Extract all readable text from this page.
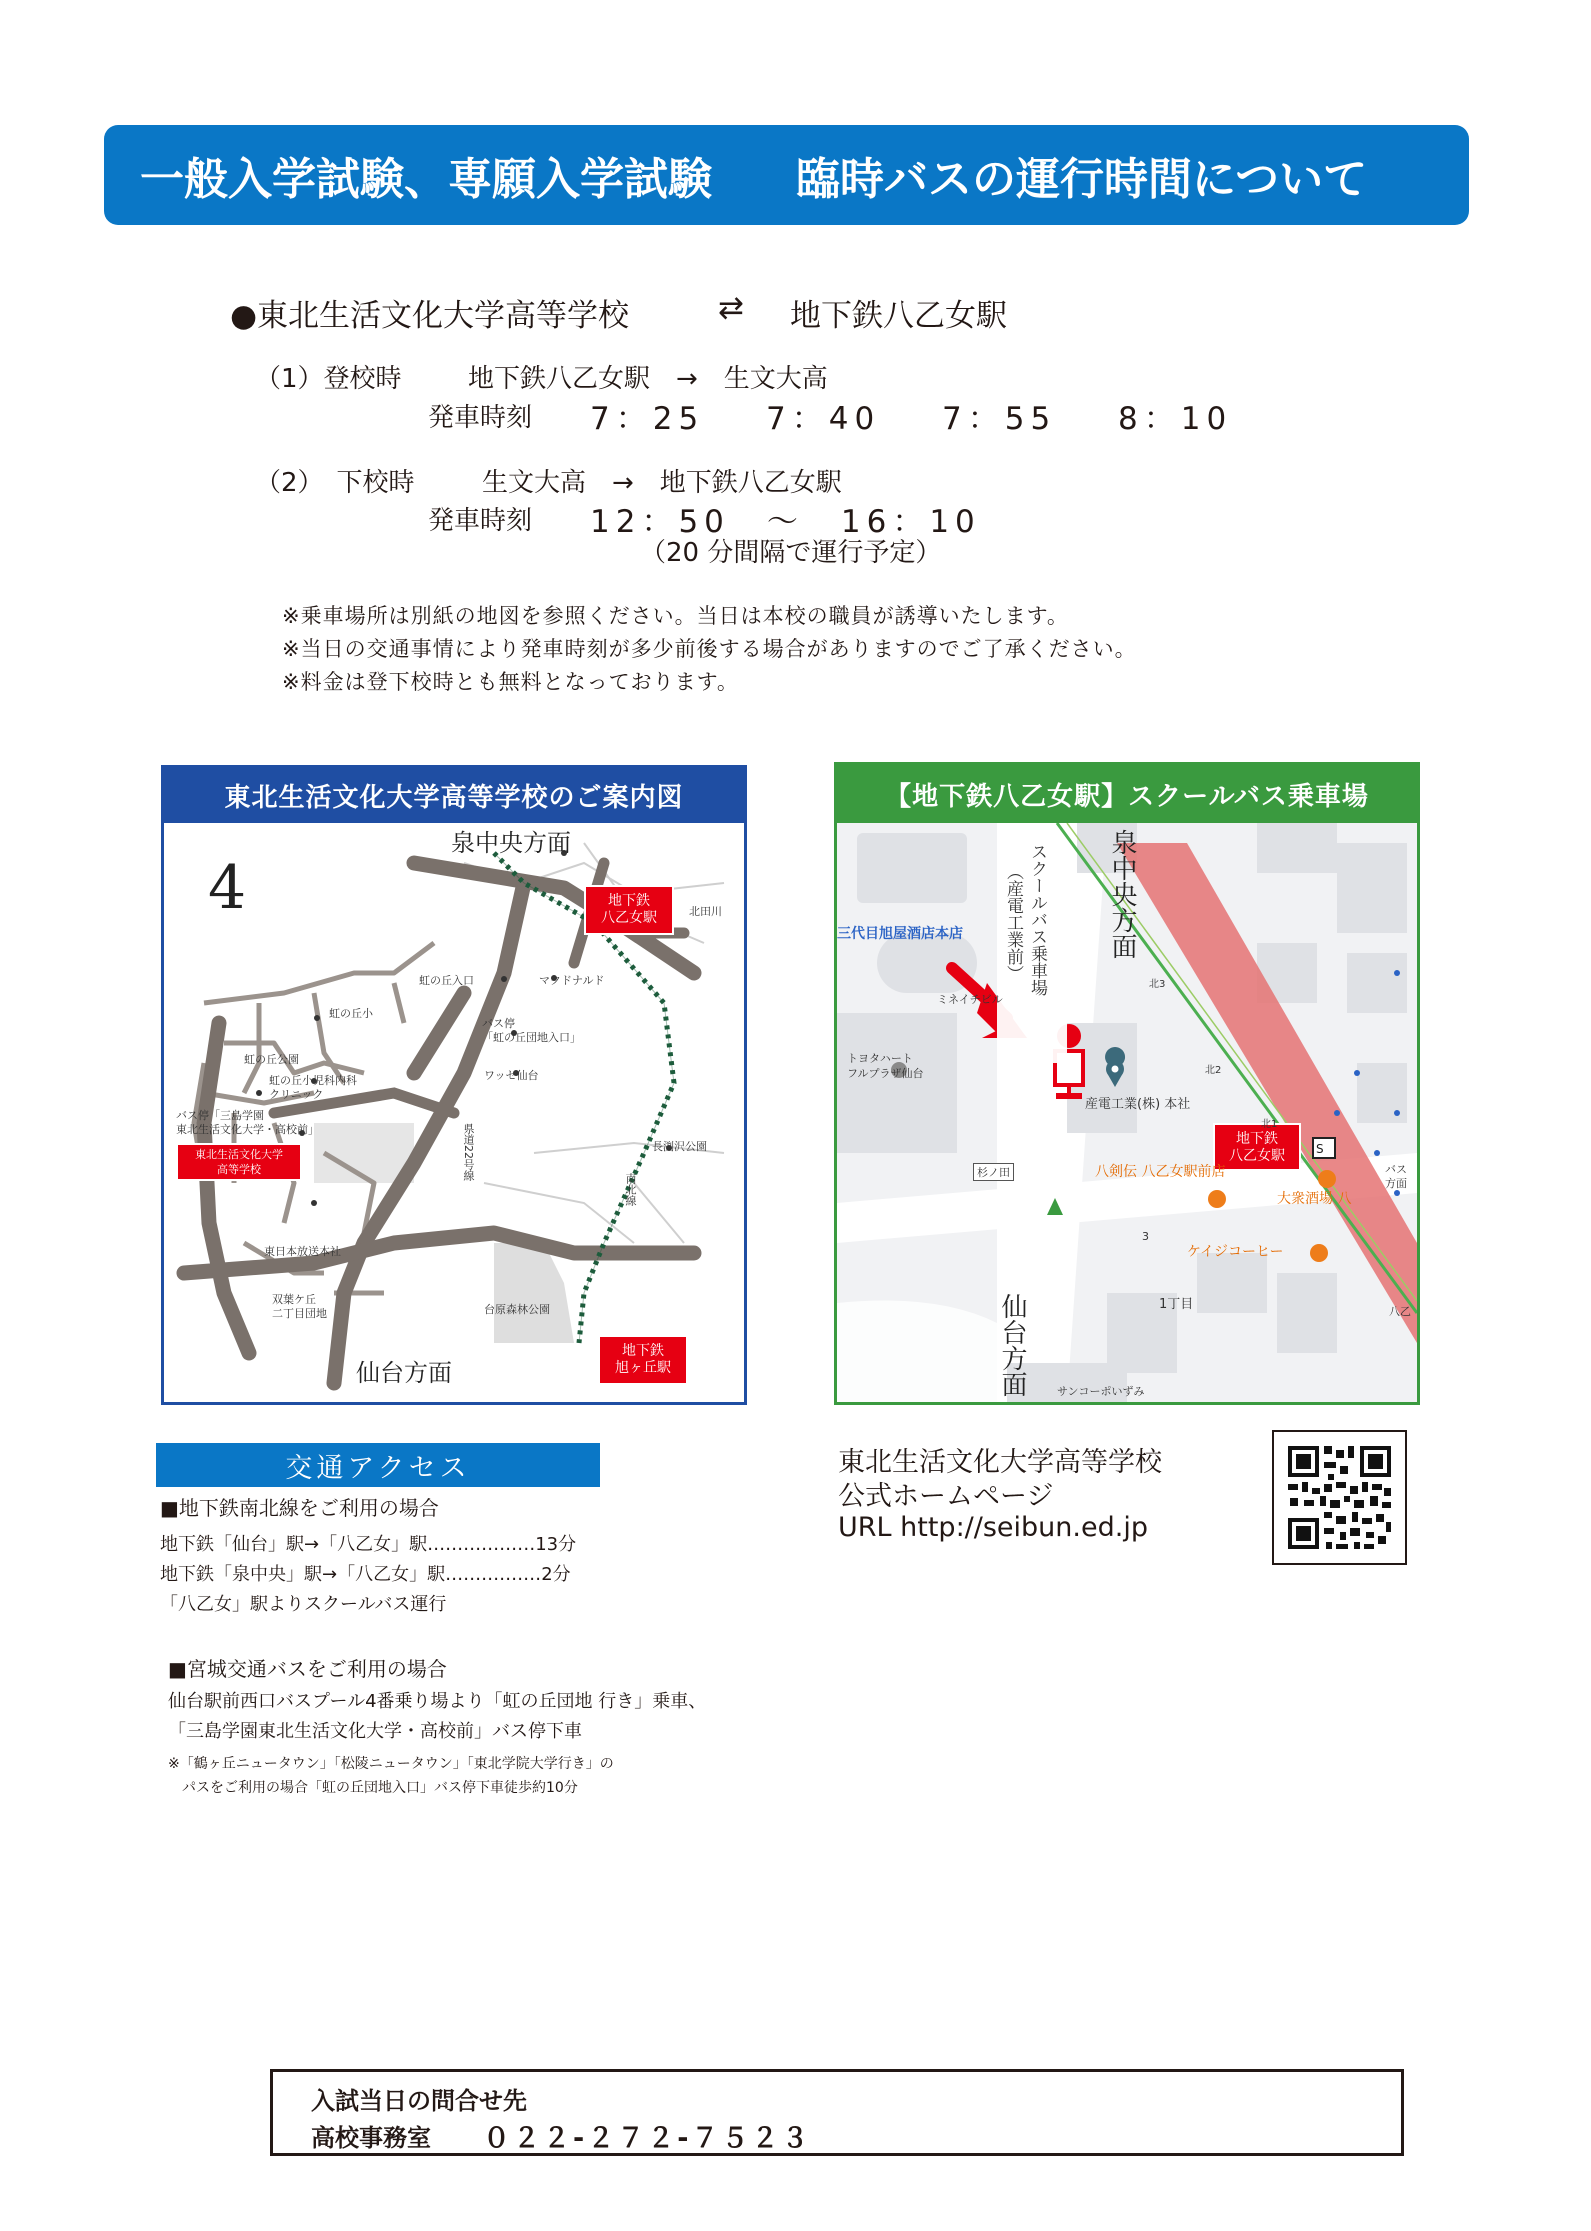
一般入学試験、専願入学試験 臨時バスの運行時間について
●東北生活文化大学高等学校	⇄ 地下鉄八乙女駅
（1）登校時	地下鉄八乙女駅　→　生文大高
発車時刻 7：25 7：40 7：55 8：10
（2）　下校時	生文大高　→　地下鉄八乙女駅
発車時刻 12：50　～　16：10
（20 分間隔で運行予定）
※乗車場所は別紙の地図を参照ください。当日は本校の職員が誘導いたします。
※当日の交通事情により発車時刻が多少前後する場合がありますのでご了承ください。
※料金は登下校時とも無料となっております。
東北生活文化大学高等学校のご案内図
4
泉中央方面
仙台方面
地下鉄
八乙女駅
地下鉄
旭ヶ丘駅
東北生活文化大学
高等学校
北田川
虹の丘入口	マクドナルド
バス停
「虹の丘団地入口」
ワッセ仙台
虹の丘小
虹の丘公園
虹の丘小児科内科
クリニック
バス停「三島学園
東北生活文化大学・高校前」	県道22号線	長渕沢公園
南北線
東日本放送本社
双葉ケ丘
二丁目団地	台原森林公園
【地下鉄八乙女駅】スクールバス乗車場
S
泉中央方面
仙台方面
スクールバス乗車場
（産電工業前）
地下鉄
八乙女駅
三代目旭屋酒店本店
ミネイチビル
トヨタハート
フルプラザ仙台
産電工業(株) 本社
杉ノ田	八剣伝 八乙女駅前店
大衆酒場 八
ケイジコーヒー
1丁目
サンコーポいずみ
3
バス
方面
八乙
北2
北3
北1
交通アクセス
■地下鉄南北線をご利用の場合
地下鉄「仙台」駅→「八乙女」駅‥‥‥‥‥‥‥‥‥13分
地下鉄「泉中央」駅→「八乙女」駅‥‥‥‥‥‥‥‥2分
「八乙女」駅よりスクールバス運行
■宮城交通バスをご利用の場合
仙台駅前西口バスプール4番乗り場より「虹の丘団地 行き」乗車、
「三島学園東北生活文化大学・高校前」バス停下車
※「鶴ヶ丘ニュータウン」「松陵ニュータウン」「東北学院大学行き」の
　パスをご利用の場合「虹の丘団地入口」バス停下車徒歩約10分
東北生活文化大学高等学校
公式ホームページ
URL http://seibun.ed.jp
入試当日の問合せ先
高校事務室 ０２２-２７２-７５２３
